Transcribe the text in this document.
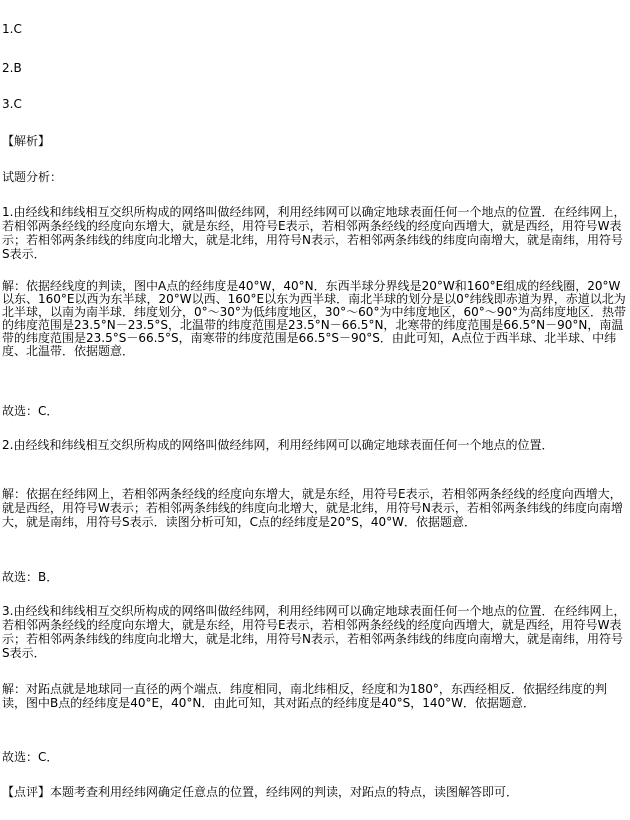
1.C
2.B
3.C
【解析】
试题分析：
1.由经线和纬线相互交织所构成的网络叫做经纬网，利用经纬网可以确定地球表面任何一个地点的位置．在经纬网上，若相邻两条经线的经度向东增大，就是东经，用符号E表示，若相邻两条经线的经度向西增大，就是西经，用符号W表示；若相邻两条纬线的纬度向北增大，就是北纬，用符号N表示，若相邻两条纬线的纬度向南增大，就是南纬，用符号S表示．
解：依据经线度的判读，图中A点的经纬度是40°W，40°N．东西半球分界线是20°W和160°E组成的经线圈，20°W以东、160°E以西为东半球，20°W以西、160°E以东为西半球．南北半球的划分是以0°纬线即赤道为界，赤道以北为北半球，以南为南半球．纬度划分，0°～30°为低纬度地区，30°～60°为中纬度地区，60°～90°为高纬度地区．热带的纬度范围是23.5°N－23.5°S，北温带的纬度范围是23.5°N－66.5°N，北寒带的纬度范围是66.5°N－90°N，南温带的纬度范围是23.5°S－66.5°S，南寒带的纬度范围是66.5°S－90°S．由此可知，A点位于西半球、北半球、中纬度、北温带．依据题意．
故选：C．
2.由经线和纬线相互交织所构成的网络叫做经纬网，利用经纬网可以确定地球表面任何一个地点的位置．
解：依据在经纬网上，若相邻两条经线的经度向东增大，就是东经，用符号E表示，若相邻两条经线的经度向西增大，就是西经，用符号W表示；若相邻两条纬线的纬度向北增大，就是北纬，用符号N表示，若相邻两条纬线的纬度向南增大，就是南纬，用符号S表示．读图分析可知，C点的经纬度是20°S，40°W．依据题意．
故选：B．
3.由经线和纬线相互交织所构成的网络叫做经纬网，利用经纬网可以确定地球表面任何一个地点的位置．在经纬网上，若相邻两条经线的经度向东增大，就是东经，用符号E表示，若相邻两条经线的经度向西增大，就是西经，用符号W表示；若相邻两条纬线的纬度向北增大，就是北纬，用符号N表示，若相邻两条纬线的纬度向南增大，就是南纬，用符号S表示．
解：对跖点就是地球同一直径的两个端点．纬度相同，南北纬相反，经度和为180°，东西经相反．依据经纬度的判读，图中B点的经纬度是40°E，40°N．由此可知，其对跖点的经纬度是40°S，140°W．依据题意．
故选：C．
【点评】本题考查利用经纬网确定任意点的位置，经纬网的判读，对跖点的特点，读图解答即可．
